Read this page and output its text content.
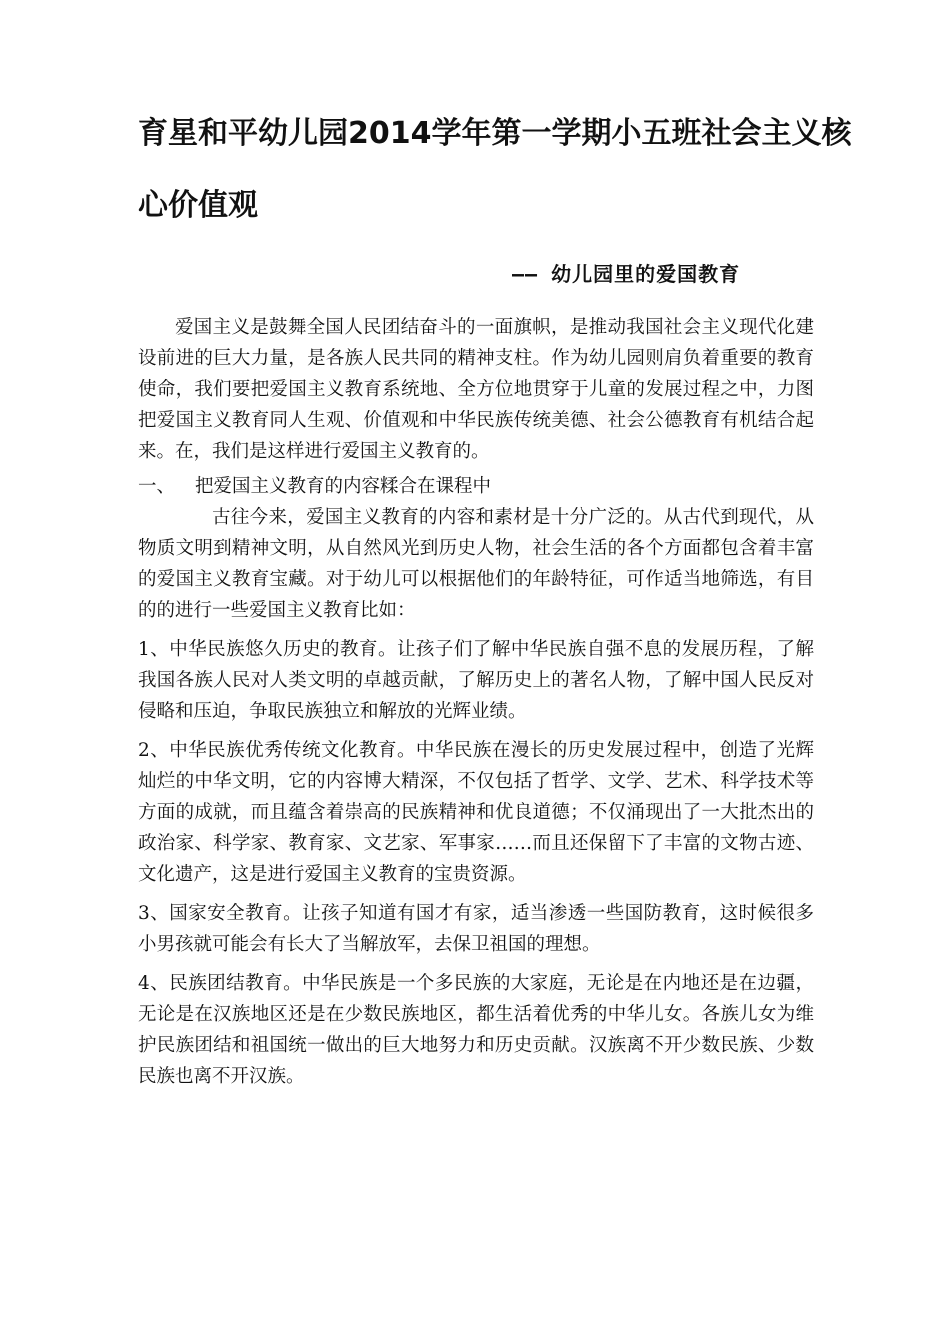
育星和平幼儿园2014学年第一学期小五班社会主义核
心价值观
—— 幼儿园里的爱国教育

爱国主义是鼓舞全国人民团结奋斗的一面旗帜，是推动我国社会主义现代化建设前进的巨大力量，是各族人民共同的精神支柱。作为幼儿园则肩负着重要的教育使命，我们要把爱国主义教育系统地、全方位地贯穿于儿童的发展过程之中，力图把爱国主义教育同人生观、价值观和中华民族传统美德、社会公德教育有机结合起来。在，我们是这样进行爱国主义教育的。

一、 把爱国主义教育的内容糅合在课程中

古往今来，爱国主义教育的内容和素材是十分广泛的。从古代到现代，从物质文明到精神文明，从自然风光到历史人物，社会生活的各个方面都包含着丰富的爱国主义教育宝藏。对于幼儿可以根据他们的年龄特征，可作适当地筛选，有目的的进行一些爱国主义教育比如：

1、中华民族悠久历史的教育。让孩子们了解中华民族自强不息的发展历程，了解我国各族人民对人类文明的卓越贡献，了解历史上的著名人物，了解中国人民反对侵略和压迫，争取民族独立和解放的光辉业绩。

2、中华民族优秀传统文化教育。中华民族在漫长的历史发展过程中，创造了光辉灿烂的中华文明，它的内容博大精深，不仅包括了哲学、文学、艺术、科学技术等方面的成就，而且蕴含着崇高的民族精神和优良道德；不仅涌现出了一大批杰出的政治家、科学家、教育家、文艺家、军事家……而且还保留下了丰富的文物古迹、文化遗产，这是进行爱国主义教育的宝贵资源。

3、国家安全教育。让孩子知道有国才有家，适当渗透一些国防教育，这时候很多小男孩就可能会有长大了当解放军，去保卫祖国的理想。

4、民族团结教育。中华民族是一个多民族的大家庭，无论是在内地还是在边疆，无论是在汉族地区还是在少数民族地区，都生活着优秀的中华儿女。各族儿女为维护民族团结和祖国统一做出的巨大地努力和历史贡献。汉族离不开少数民族、少数民族也离不开汉族。
